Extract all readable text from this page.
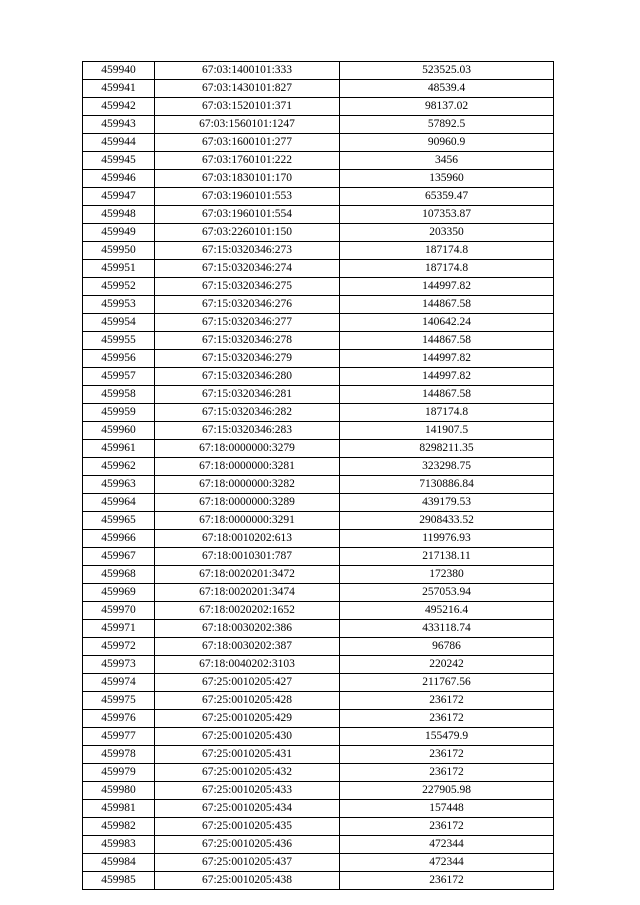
459940	67:03:1400101:333	523525.03
459941	67:03:1430101:827	48539.4
459942	67:03:1520101:371	98137.02
459943	67:03:1560101:1247	57892.5
459944	67:03:1600101:277	90960.9
459945	67:03:1760101:222	3456
459946	67:03:1830101:170	135960
459947	67:03:1960101:553	65359.47
459948	67:03:1960101:554	107353.87
459949	67:03:2260101:150	203350
459950	67:15:0320346:273	187174.8
459951	67:15:0320346:274	187174.8
459952	67:15:0320346:275	144997.82
459953	67:15:0320346:276	144867.58
459954	67:15:0320346:277	140642.24
459955	67:15:0320346:278	144867.58
459956	67:15:0320346:279	144997.82
459957	67:15:0320346:280	144997.82
459958	67:15:0320346:281	144867.58
459959	67:15:0320346:282	187174.8
459960	67:15:0320346:283	141907.5
459961	67:18:0000000:3279	8298211.35
459962	67:18:0000000:3281	323298.75
459963	67:18:0000000:3282	7130886.84
459964	67:18:0000000:3289	439179.53
459965	67:18:0000000:3291	2908433.52
459966	67:18:0010202:613	119976.93
459967	67:18:0010301:787	217138.11
459968	67:18:0020201:3472	172380
459969	67:18:0020201:3474	257053.94
459970	67:18:0020202:1652	495216.4
459971	67:18:0030202:386	433118.74
459972	67:18:0030202:387	96786
459973	67:18:0040202:3103	220242
459974	67:25:0010205:427	211767.56
459975	67:25:0010205:428	236172
459976	67:25:0010205:429	236172
459977	67:25:0010205:430	155479.9
459978	67:25:0010205:431	236172
459979	67:25:0010205:432	236172
459980	67:25:0010205:433	227905.98
459981	67:25:0010205:434	157448
459982	67:25:0010205:435	236172
459983	67:25:0010205:436	472344
459984	67:25:0010205:437	472344
459985	67:25:0010205:438	236172
